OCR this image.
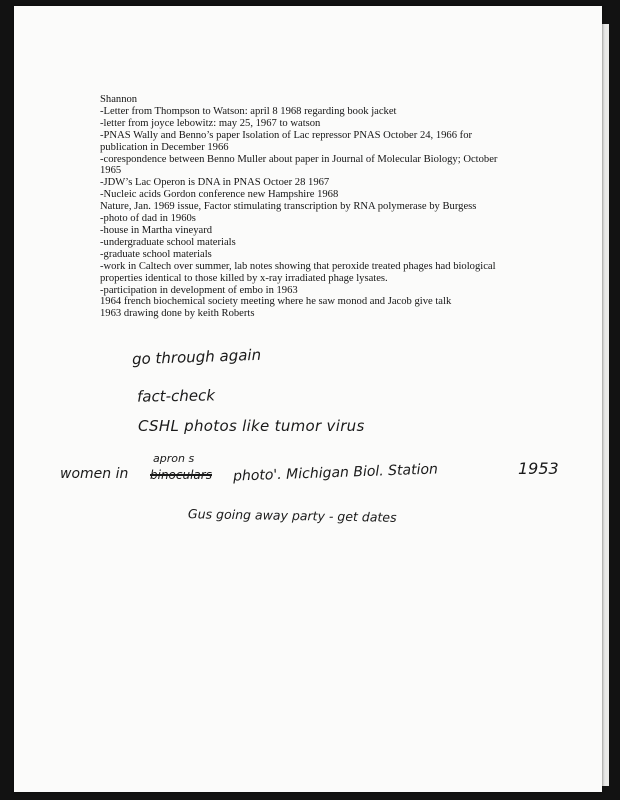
Shannon
-Letter from Thompson to Watson: april 8 1968 regarding book jacket
-letter from joyce lebowitz: may 25, 1967 to watson
-PNAS Wally and Benno’s paper Isolation of Lac repressor PNAS October 24, 1966 for publication in December 1966
-corespondence between Benno Muller about paper in Journal of Molecular Biology; October 1965
-JDW’s Lac Operon is DNA in PNAS Octoer 28 1967
-Nucleic acids Gordon conference new Hampshire 1968
Nature, Jan. 1969 issue, Factor stimulating transcription by RNA polymerase by Burgess
-photo of dad in 1960s
-house in Martha vineyard
-undergraduate school materials
-graduate school materials
-work in Caltech over summer, lab notes showing that peroxide treated phages had biological properties identical to those killed by x-ray irradiated phage lysates.
-participation in development of embo in 1963
1964 french biochemical society meeting where he saw monod and Jacob give talk
1963 drawing done by keith Roberts
go through again
fact-check
CSHL photos like tumor virus
women in
apron s
binoculars photo'. Michigan Biol. Station	1953
Gus going away party - get dates
